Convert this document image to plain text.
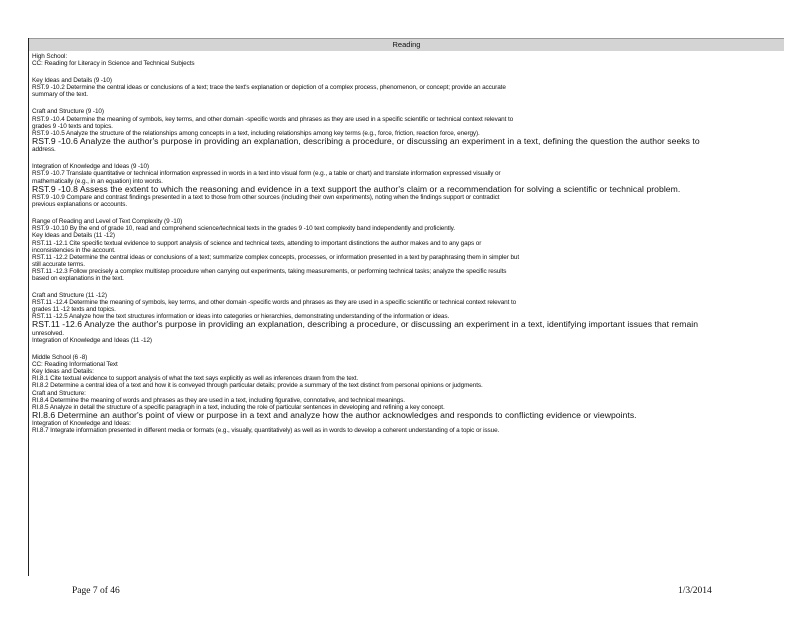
Reading
High School:
CC: Reading for Literacy in Science and Technical Subjects
Key Ideas and Details (9 -10)
RST.9 -10.2 Determine the central ideas or conclusions of a text; trace the text's explanation or depiction of a complex process, phenomenon, or concept; provide an accurate
summary of the text.
Craft and Structure (9 -10)
RST.9 -10.4 Determine the meaning of symbols, key terms, and other domain -specific words and phrases as they are used in a specific scientific or technical context relevant to
grades 9 -10 texts and topics.
RST.9 -10.5 Analyze the structure of the relationships among concepts in a text, including relationships among key terms (e.g., force, friction, reaction force, energy).
RST.9 -10.6 Analyze the author's purpose in providing an explanation, describing a procedure, or discussing an experiment in a text, defining the question the author seeks to
address.
Integration of Knowledge and Ideas (9 -10)
RST.9 -10.7 Translate quantitative or technical information expressed in words in a text into visual form (e.g., a table or chart) and translate information expressed visually or
mathematically (e.g., in an equation) into words.
RST.9 -10.8 Assess the extent to which the reasoning and evidence in a text support the author's claim or a recommendation for solving a scientific or technical problem.
RST.9 -10.9 Compare and contrast findings presented in a text to those from other sources (including their own experiments), noting when the findings support or contradict
previous explanations or accounts.
Range of Reading and Level of Text Complexity (9 -10)
RST.9 -10.10 By the end of grade 10, read and comprehend science/technical texts in the grades 9 -10 text complexity band independently and proficiently.
Key Ideas and Details (11 -12)
RST.11 -12.1 Cite specific textual evidence to support analysis of science and technical texts, attending to important distinctions the author makes and to any gaps or
inconsistencies in the account.
RST.11 -12.2 Determine the central ideas or conclusions of a text; summarize complex concepts, processes, or information presented in a text by paraphrasing them in simpler but
still accurate terms.
RST.11 -12.3 Follow precisely a complex multistep procedure when carrying out experiments, taking measurements, or performing technical tasks; analyze the specific results
based on explanations in the text.
Craft and Structure (11 -12)
RST.11 -12.4 Determine the meaning of symbols, key terms, and other domain -specific words and phrases as they are used in a specific scientific or technical context relevant to
grades 11 -12 texts and topics.
RST.11 -12.5 Analyze how the text structures information or ideas into categories or hierarchies, demonstrating understanding of the information or ideas.
RST.11 -12.6 Analyze the author's purpose in providing an explanation, describing a procedure, or discussing an experiment in a text, identifying important issues that remain
unresolved.
Integration of Knowledge and Ideas (11 -12)
Middle School (6 -8)
CC: Reading Informational Text
Key Ideas and Details:
RI.8.1 Cite textual evidence to support analysis of what the text says explicitly as well as inferences drawn from the text.
RI.8.2 Determine a central idea of a text and how it is conveyed through particular details; provide a summary of the text distinct from personal opinions or judgments.
Craft and Structure:
RI.8.4 Determine the meaning of words and phrases as they are used in a text, including figurative, connotative, and technical meanings.
RI.8.5 Analyze in detail the structure of a specific paragraph in a text, including the role of particular sentences in developing and refining a key concept.
RI.8.6 Determine an author's point of view or purpose in a text and analyze how the author acknowledges and responds to conflicting evidence or viewpoints.
Integration of Knowledge and Ideas:
RI.8.7 Integrate information presented in different media or formats (e.g., visually, quantitatively) as well as in words to develop a coherent understanding of a topic or issue.
Page 7 of 46	1/3/2014
